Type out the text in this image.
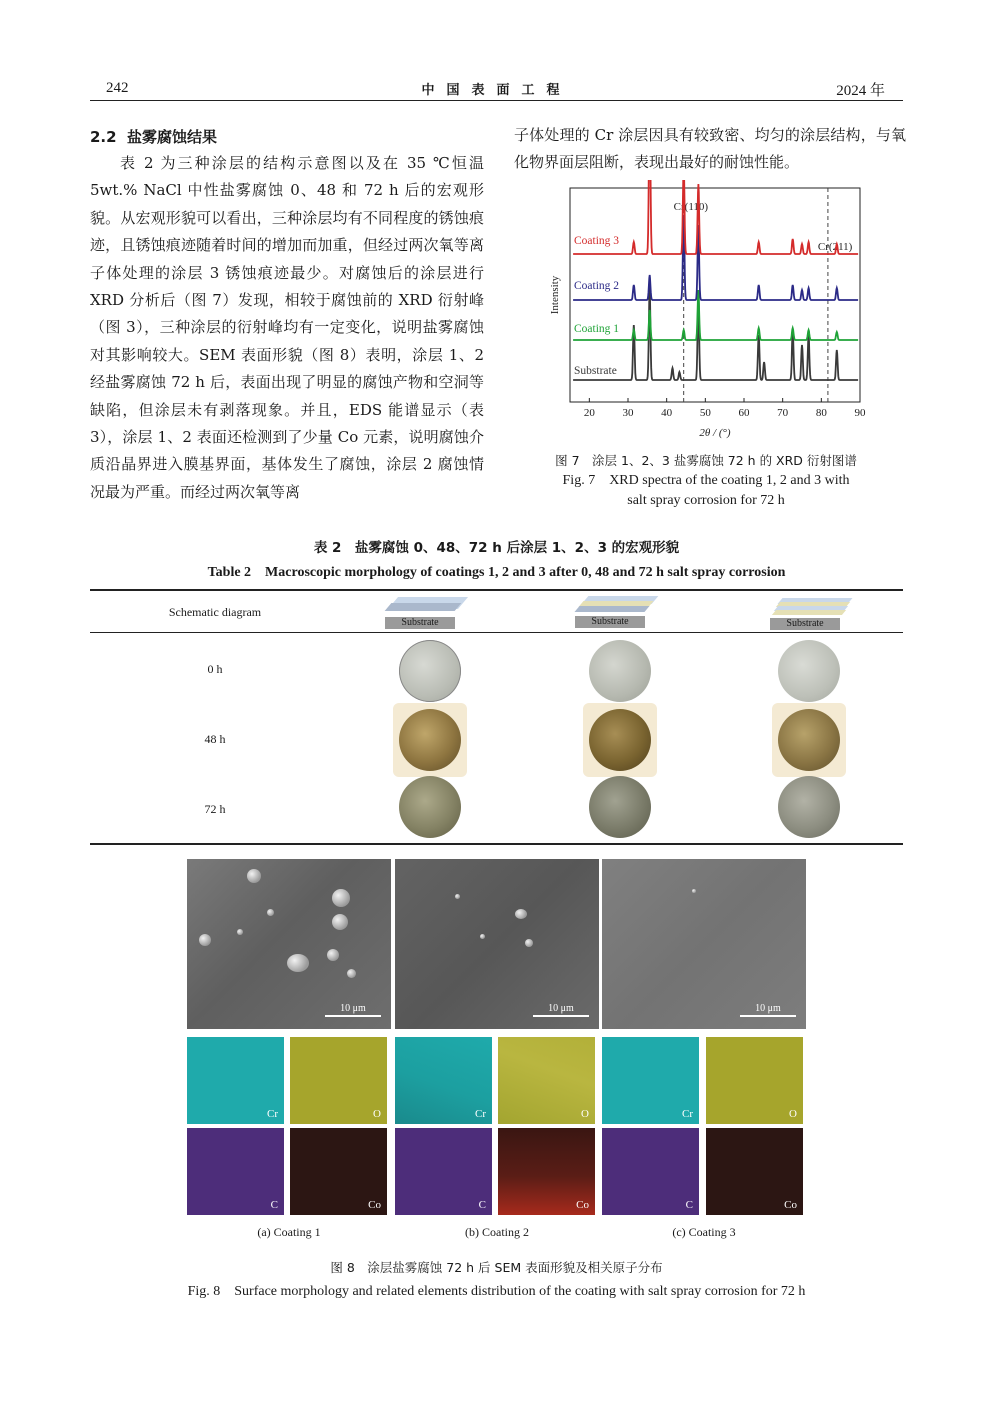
242	中国表面工程	2024 年
2.2 盐雾腐蚀结果
表 2 为三种涂层的结构示意图以及在 35 ℃恒温 5wt.% NaCl 中性盐雾腐蚀 0、48 和 72 h 后的宏观形貌。从宏观形貌可以看出，三种涂层均有不同程度的锈蚀痕迹，且锈蚀痕迹随着时间的增加而加重，但经过两次氧等离子体处理的涂层 3 锈蚀痕迹最少。对腐蚀后的涂层进行 XRD 分析后（图 7）发现，相较于腐蚀前的 XRD 衍射峰（图 3），三种涂层的衍射峰均有一定变化，说明盐雾腐蚀对其影响较大。SEM 表面形貌（图 8）表明，涂层 1、2 经盐雾腐蚀 72 h 后，表面出现了明显的腐蚀产物和空洞等缺陷，但涂层未有剥落现象。并且，EDS 能谱显示（表 3），涂层 1、2 表面还检测到了少量 Co 元素，说明腐蚀介质沿晶界进入膜基界面，基体发生了腐蚀，涂层 2 腐蚀情况最为严重。而经过两次氧等离
子体处理的 Cr 涂层因具有较致密、均匀的涂层结构，与氧化物界面层阻断，表现出最好的耐蚀性能。
20	30	40	50	60	70	80	90
2θ / (°)
Intensity
Cr(110)
Cr(211)
Substrate
Coating 1
Coating 2
Coating 3
图 7　涂层 1、2、3 盐雾腐蚀 72 h 的 XRD 衍射图谱
Fig. 7　XRD spectra of the coating 1, 2 and 3 with
salt spray corrosion for 72 h
表 2　盐雾腐蚀 0、48、72 h 后涂层 1、2、3 的宏观形貌
Table 2　Macroscopic morphology of coatings 1, 2 and 3 after 0, 48 and 72 h salt spray corrosion
Schematic diagram
0 h
48 h
72 h
Substrate	Substrate	Substrate
10 μm	10 μm	10 μm
Cr	O	Cr	O	Cr	O
C	Co	C	Co	C	Co
(a) Coating 1	(b) Coating 2	(c) Coating 3
图 8　涂层盐雾腐蚀 72 h 后 SEM 表面形貌及相关原子分布
Fig. 8　Surface morphology and related elements distribution of the coating with salt spray corrosion for 72 h
